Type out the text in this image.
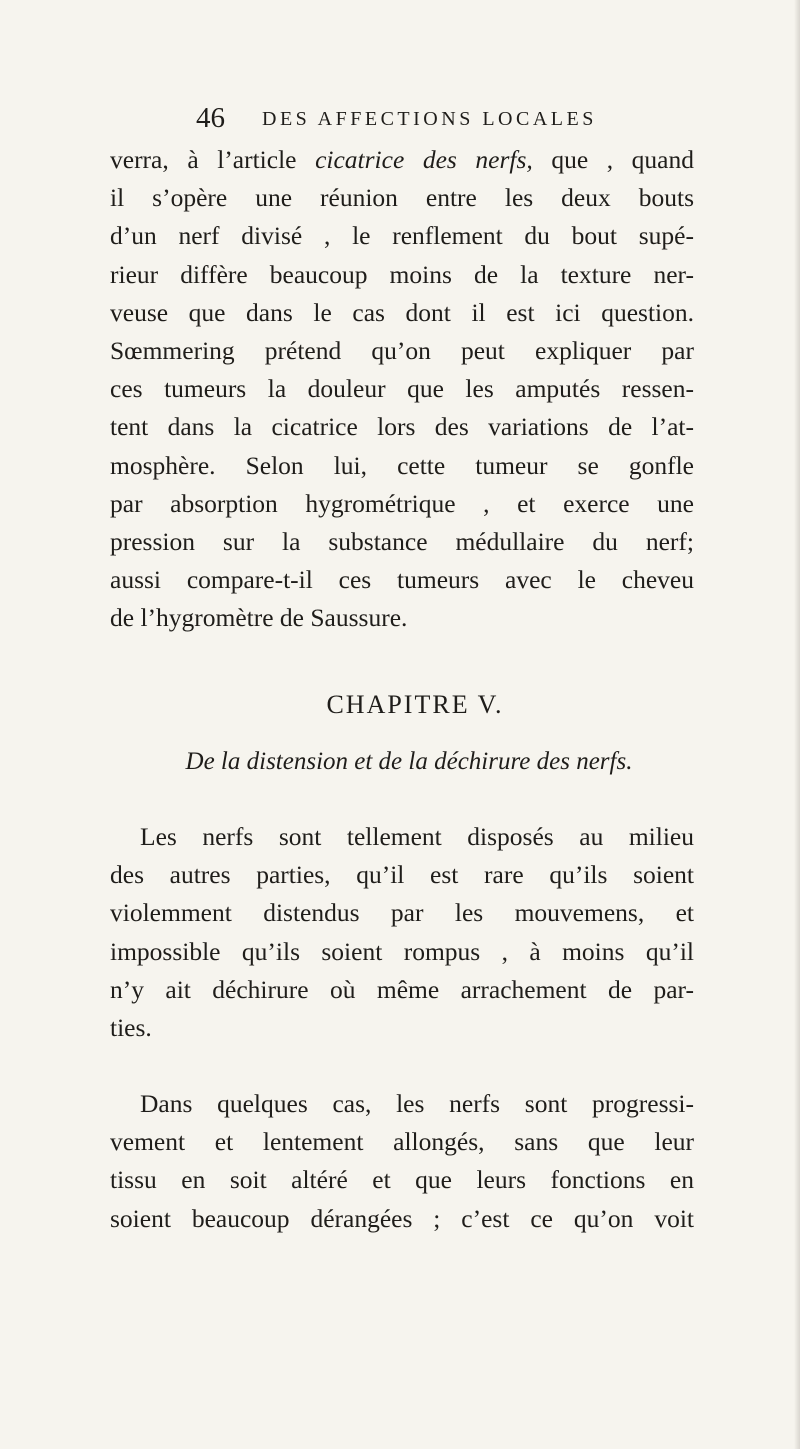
46 DES AFFECTIONS LOCALES
verra, à l’article cicatrice des nerfs, que , quand
il s’opère une réunion entre les deux bouts
d’un nerf divisé , le renflement du bout supé-
rieur diffère beaucoup moins de la texture ner-
veuse que dans le cas dont il est ici question.
Sœmmering prétend qu’on peut expliquer par
ces tumeurs la douleur que les amputés ressen-
tent dans la cicatrice lors des variations de l’at-
mosphère. Selon lui, cette tumeur se gonfle
par absorption hygrométrique , et exerce une
pression sur la substance médullaire du nerf;
aussi compare-t-il ces tumeurs avec le cheveu
de l’hygromètre de Saussure.
CHAPITRE V.
De la distension et de la déchirure des nerfs.
Les nerfs sont tellement disposés au milieu
des autres parties, qu’il est rare qu’ils soient
violemment distendus par les mouvemens, et
impossible qu’ils soient rompus , à moins qu’il
n’y ait déchirure où même arrachement de par-
ties.
Dans quelques cas, les nerfs sont progressi-
vement et lentement allongés, sans que leur
tissu en soit altéré et que leurs fonctions en
soient beaucoup dérangées ; c’est ce qu’on voit
